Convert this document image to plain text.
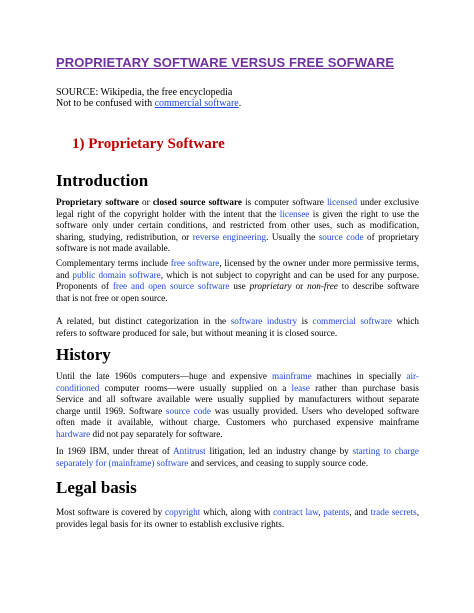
PROPRIETARY SOFTWARE VERSUS FREE SOFWARE
SOURCE: Wikipedia, the free encyclopedia
Not to be confused with commercial software.
1) Proprietary Software
Introduction
Proprietary software or closed source software is computer software licensed under exclusive
legal right of the copyright holder with the intent that the licensee is given the right to use the
software only under certain conditions, and restricted from other uses, such as modification,
sharing, studying, redistribution, or reverse engineering. Usually the source code of proprietary
software is not made available.
Complementary terms include free software, licensed by the owner under more permissive terms,
and public domain software, which is not subject to copyright and can be used for any purpose.
Proponents of free and open source software use proprietary or non-free to describe software
that is not free or open source.
A related, but distinct categorization in the software industry is commercial software which
refers to software produced for sale, but without meaning it is closed source.
History
Until the late 1960s computers—huge and expensive mainframe machines in specially air-
conditioned computer rooms—were usually supplied on a lease rather than purchase basis
Service and all software available were usually supplied by manufacturers without separate
charge until 1969. Software source code was usually provided. Users who developed software
often made it available, without charge. Customers who purchased expensive mainframe
hardware did not pay separately for software.
In 1969 IBM, under threat of Antitrust litigation, led an industry change by starting to charge
separately for (mainframe) software and services, and ceasing to supply source code.
Legal basis
Most software is covered by copyright which, along with contract law, patents, and trade secrets,
provides legal basis for its owner to establish exclusive rights.
